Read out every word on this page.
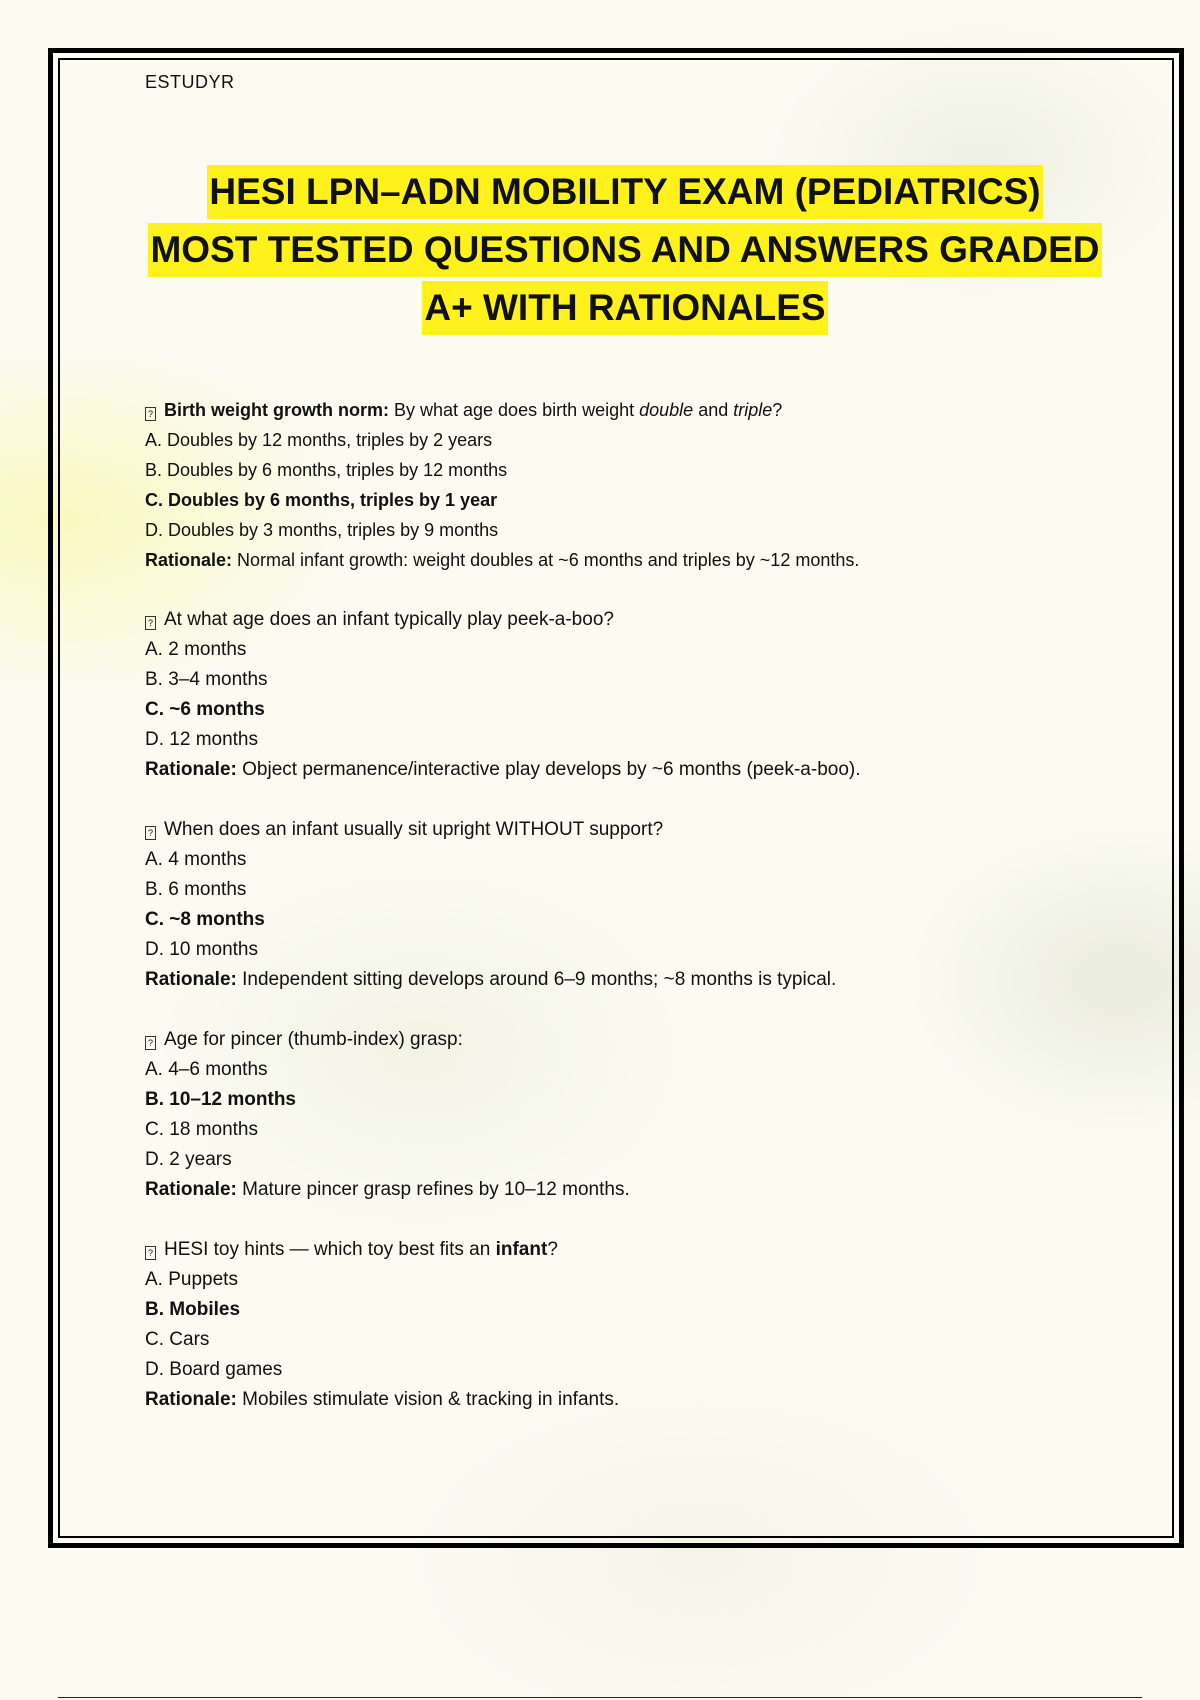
ESTUDYR

HESI LPN–ADN MOBILITY EXAM (PEDIATRICS)
MOST TESTED QUESTIONS AND ANSWERS GRADED
A+ WITH RATIONALES

? Birth weight growth norm: By what age does birth weight double and triple?

A. Doubles by 12 months, triples by 2 years

B. Doubles by 6 months, triples by 12 months

C. Doubles by 6 months, triples by 1 year

D. Doubles by 3 months, triples by 9 months

Rationale: Normal infant growth: weight doubles at ~6 months and triples by ~12 months.

? At what age does an infant typically play peek-a-boo?

A. 2 months

B. 3–4 months

C. ~6 months

D. 12 months

Rationale: Object permanence/interactive play develops by ~6 months (peek-a-boo).

? When does an infant usually sit upright WITHOUT support?

A. 4 months

B. 6 months

C. ~8 months

D. 10 months

Rationale: Independent sitting develops around 6–9 months; ~8 months is typical.

? Age for pincer (thumb-index) grasp:

A. 4–6 months

B. 10–12 months

C. 18 months

D. 2 years

Rationale: Mature pincer grasp refines by 10–12 months.

? HESI toy hints — which toy best fits an infant?

A. Puppets

B. Mobiles

C. Cars

D. Board games

Rationale: Mobiles stimulate vision & tracking in infants.
